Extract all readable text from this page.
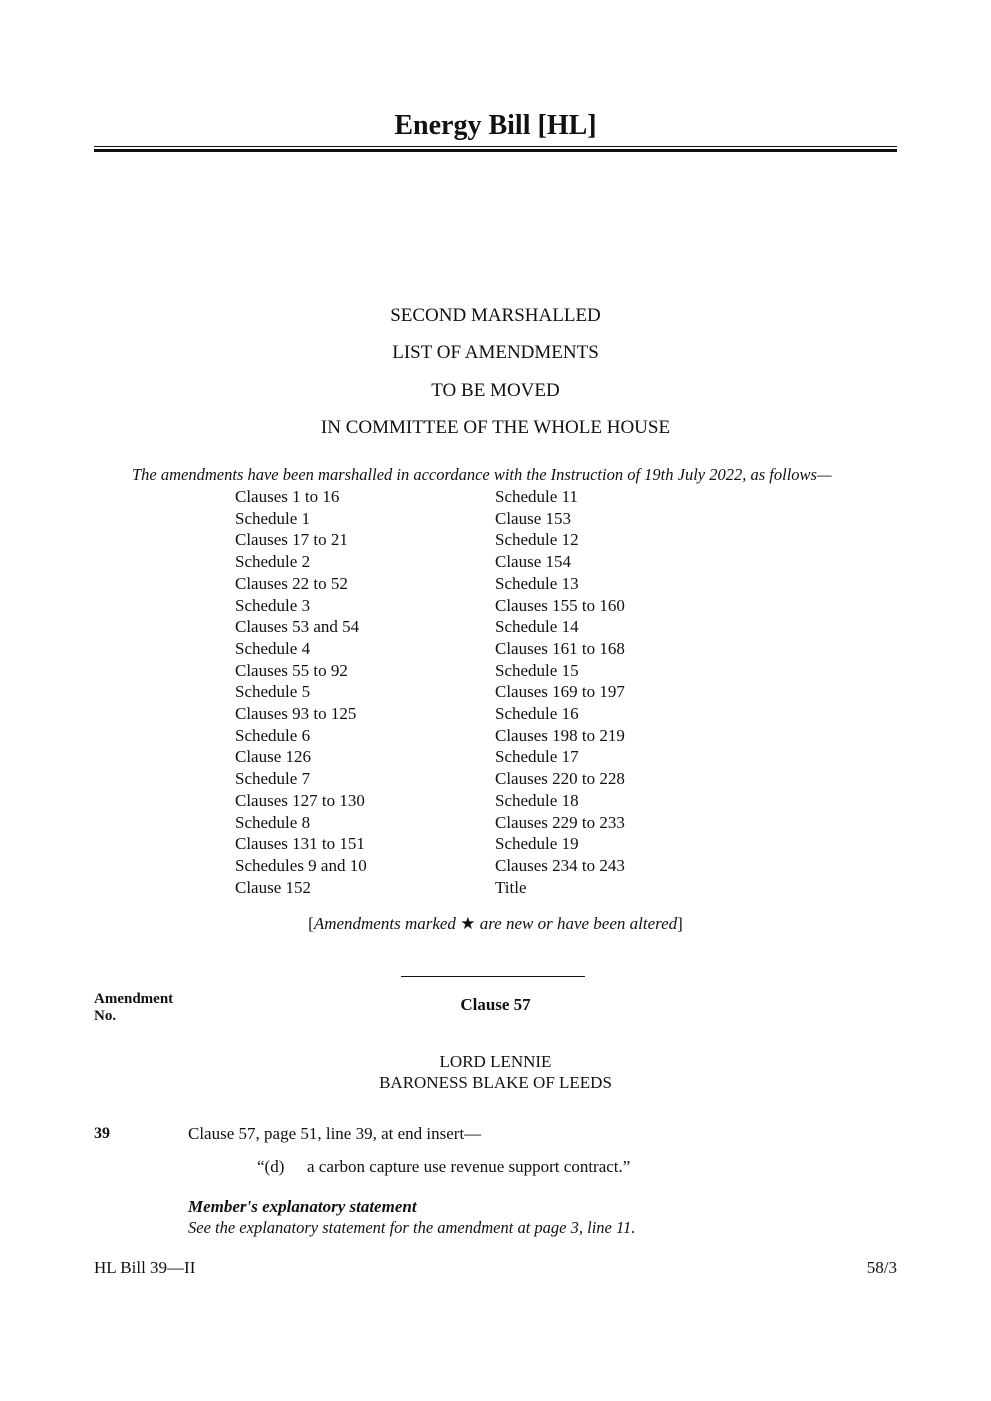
Energy Bill [HL]
SECOND MARSHALLED
LIST OF AMENDMENTS
TO BE MOVED
IN COMMITTEE OF THE WHOLE HOUSE
The amendments have been marshalled in accordance with the Instruction of 19th July 2022, as follows—
Clauses 1 to 16
Schedule 1
Clauses 17 to 21
Schedule 2
Clauses 22 to 52
Schedule 3
Clauses 53 and 54
Schedule 4
Clauses 55 to 92
Schedule 5
Clauses 93 to 125
Schedule 6
Clause 126
Schedule 7
Clauses 127 to 130
Schedule 8
Clauses 131 to 151
Schedules 9 and 10
Clause 152
Schedule 11
Clause 153
Schedule 12
Clause 154
Schedule 13
Clauses 155 to 160
Schedule 14
Clauses 161 to 168
Schedule 15
Clauses 169 to 197
Schedule 16
Clauses 198 to 219
Schedule 17
Clauses 220 to 228
Schedule 18
Clauses 229 to 233
Schedule 19
Clauses 234 to 243
Title
[Amendments marked ★ are new or have been altered]
Amendment
No.
Clause 57
LORD LENNIE
BARONESS BLAKE OF LEEDS
39	Clause 57, page 51, line 39, at end insert—
“(d) a carbon capture use revenue support contract.”
Member's explanatory statement
See the explanatory statement for the amendment at page 3, line 11.
HL Bill 39—II	58/3
